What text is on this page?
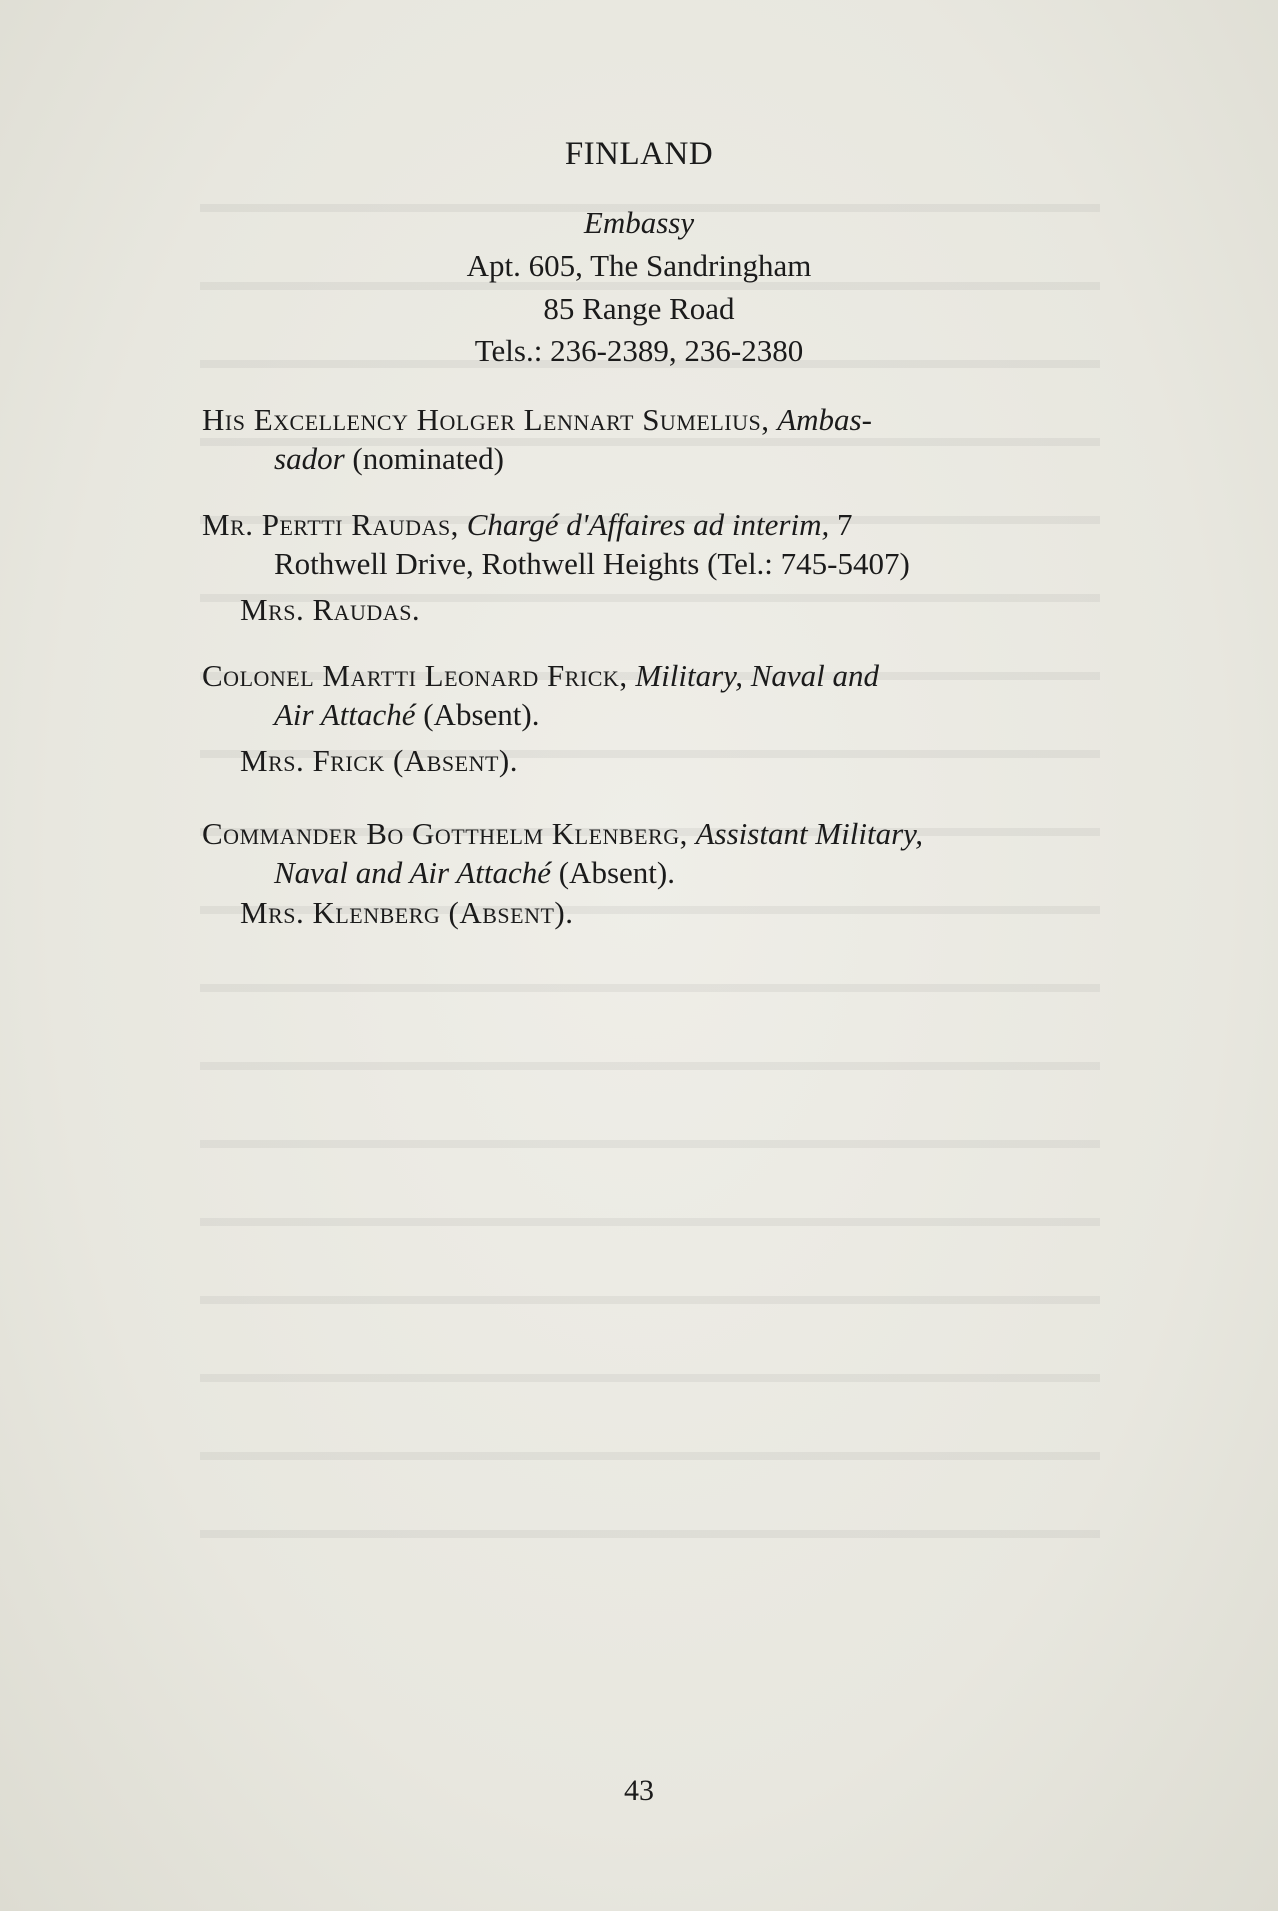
FINLAND
Embassy
Apt. 605, The Sandringham
85 Range Road
Tels.: 236-2389, 236-2380
His Excellency Holger Lennart Sumelius, Ambas-
sador (nominated)
Mr. Pertti Raudas, Chargé d'Affaires ad interim, 7
Rothwell Drive, Rothwell Heights (Tel.: 745-5407)
Mrs. Raudas.
Colonel Martti Leonard Frick, Military, Naval and
Air Attaché (Absent).
Mrs. Frick (Absent).
Commander Bo Gotthelm Klenberg, Assistant Military,
Naval and Air Attaché (Absent).
Mrs. Klenberg (Absent).
43
